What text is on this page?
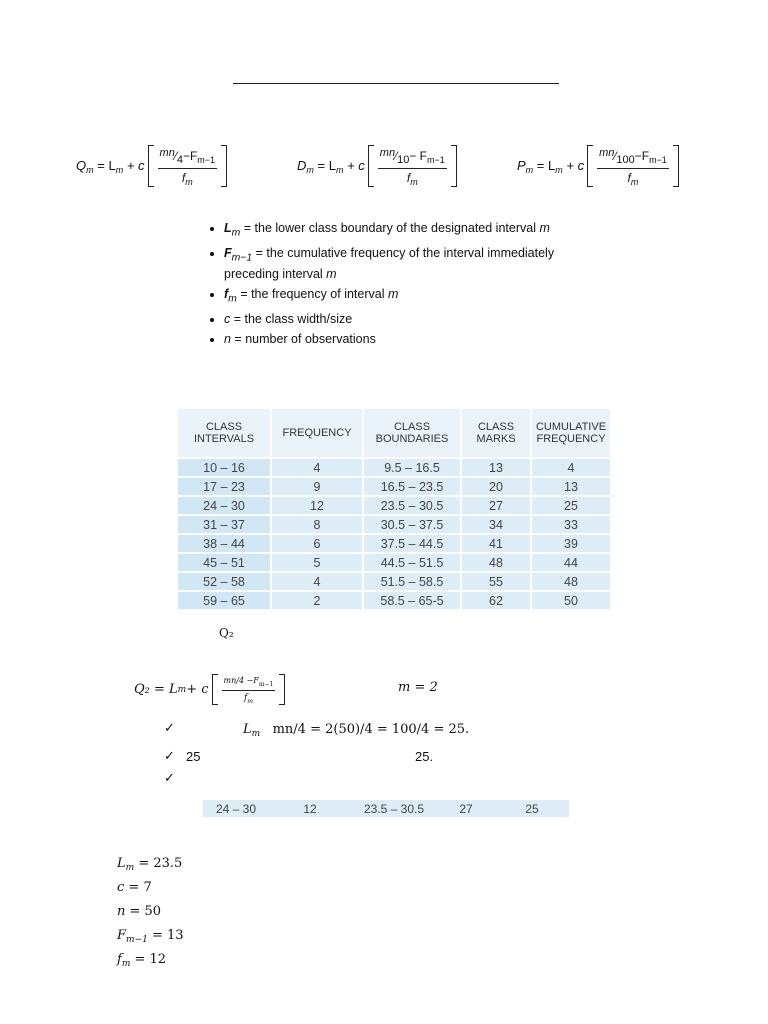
$Q_m = L_m + c$
$mn⁄4-F_{m-1}$
$f_m$
$D_m = L_m + c$
mn⁄10− $F_{m-1}$
$f_m$
$P_m = L_m + c$
$mn⁄100-F_{m-1}$
$f_m$
• $L_m$ = the lower class boundary of the designated interval m
• $F_{m-1}$ = the cumulative frequency of the interval immediately preceding interval m
• $f_m$ = the frequency of interval m
• c = the class width/size
• n = number of observations
CLASS INTERVALS	FREQUENCY	CLASS BOUNDARIES	CLASS MARKS	CUMULATIVE FREQUENCY
10 – 16	4	9.5 – 16.5	13	4
17 – 23	9	16.5 – 23.5	20	13
24 – 30	12	23.5 – 30.5	27	25
31 – 37	8	30.5 – 37.5	34	33
38 – 44	6	37.5 – 44.5	41	39
45 – 51	5	44.5 – 51.5	48	44
52 – 58	4	51.5 – 58.5	55	48
59 – 65	2	58.5 – 65-5	62	50
Q₂
Q₂ = L m + c
$mn/4 -F_{m-1}$
$f_m$
m = 2
✓	$L_m$ mn/4 = 2(50)/4 = 100/4 = 25.
✓ 25	25.
✓
24 – 30	12	23.5 – 30.5	27	25
$L_m = 23.5$
c = 7
n = 50
$F_{m-1} = 13$
$f_m = 12$
